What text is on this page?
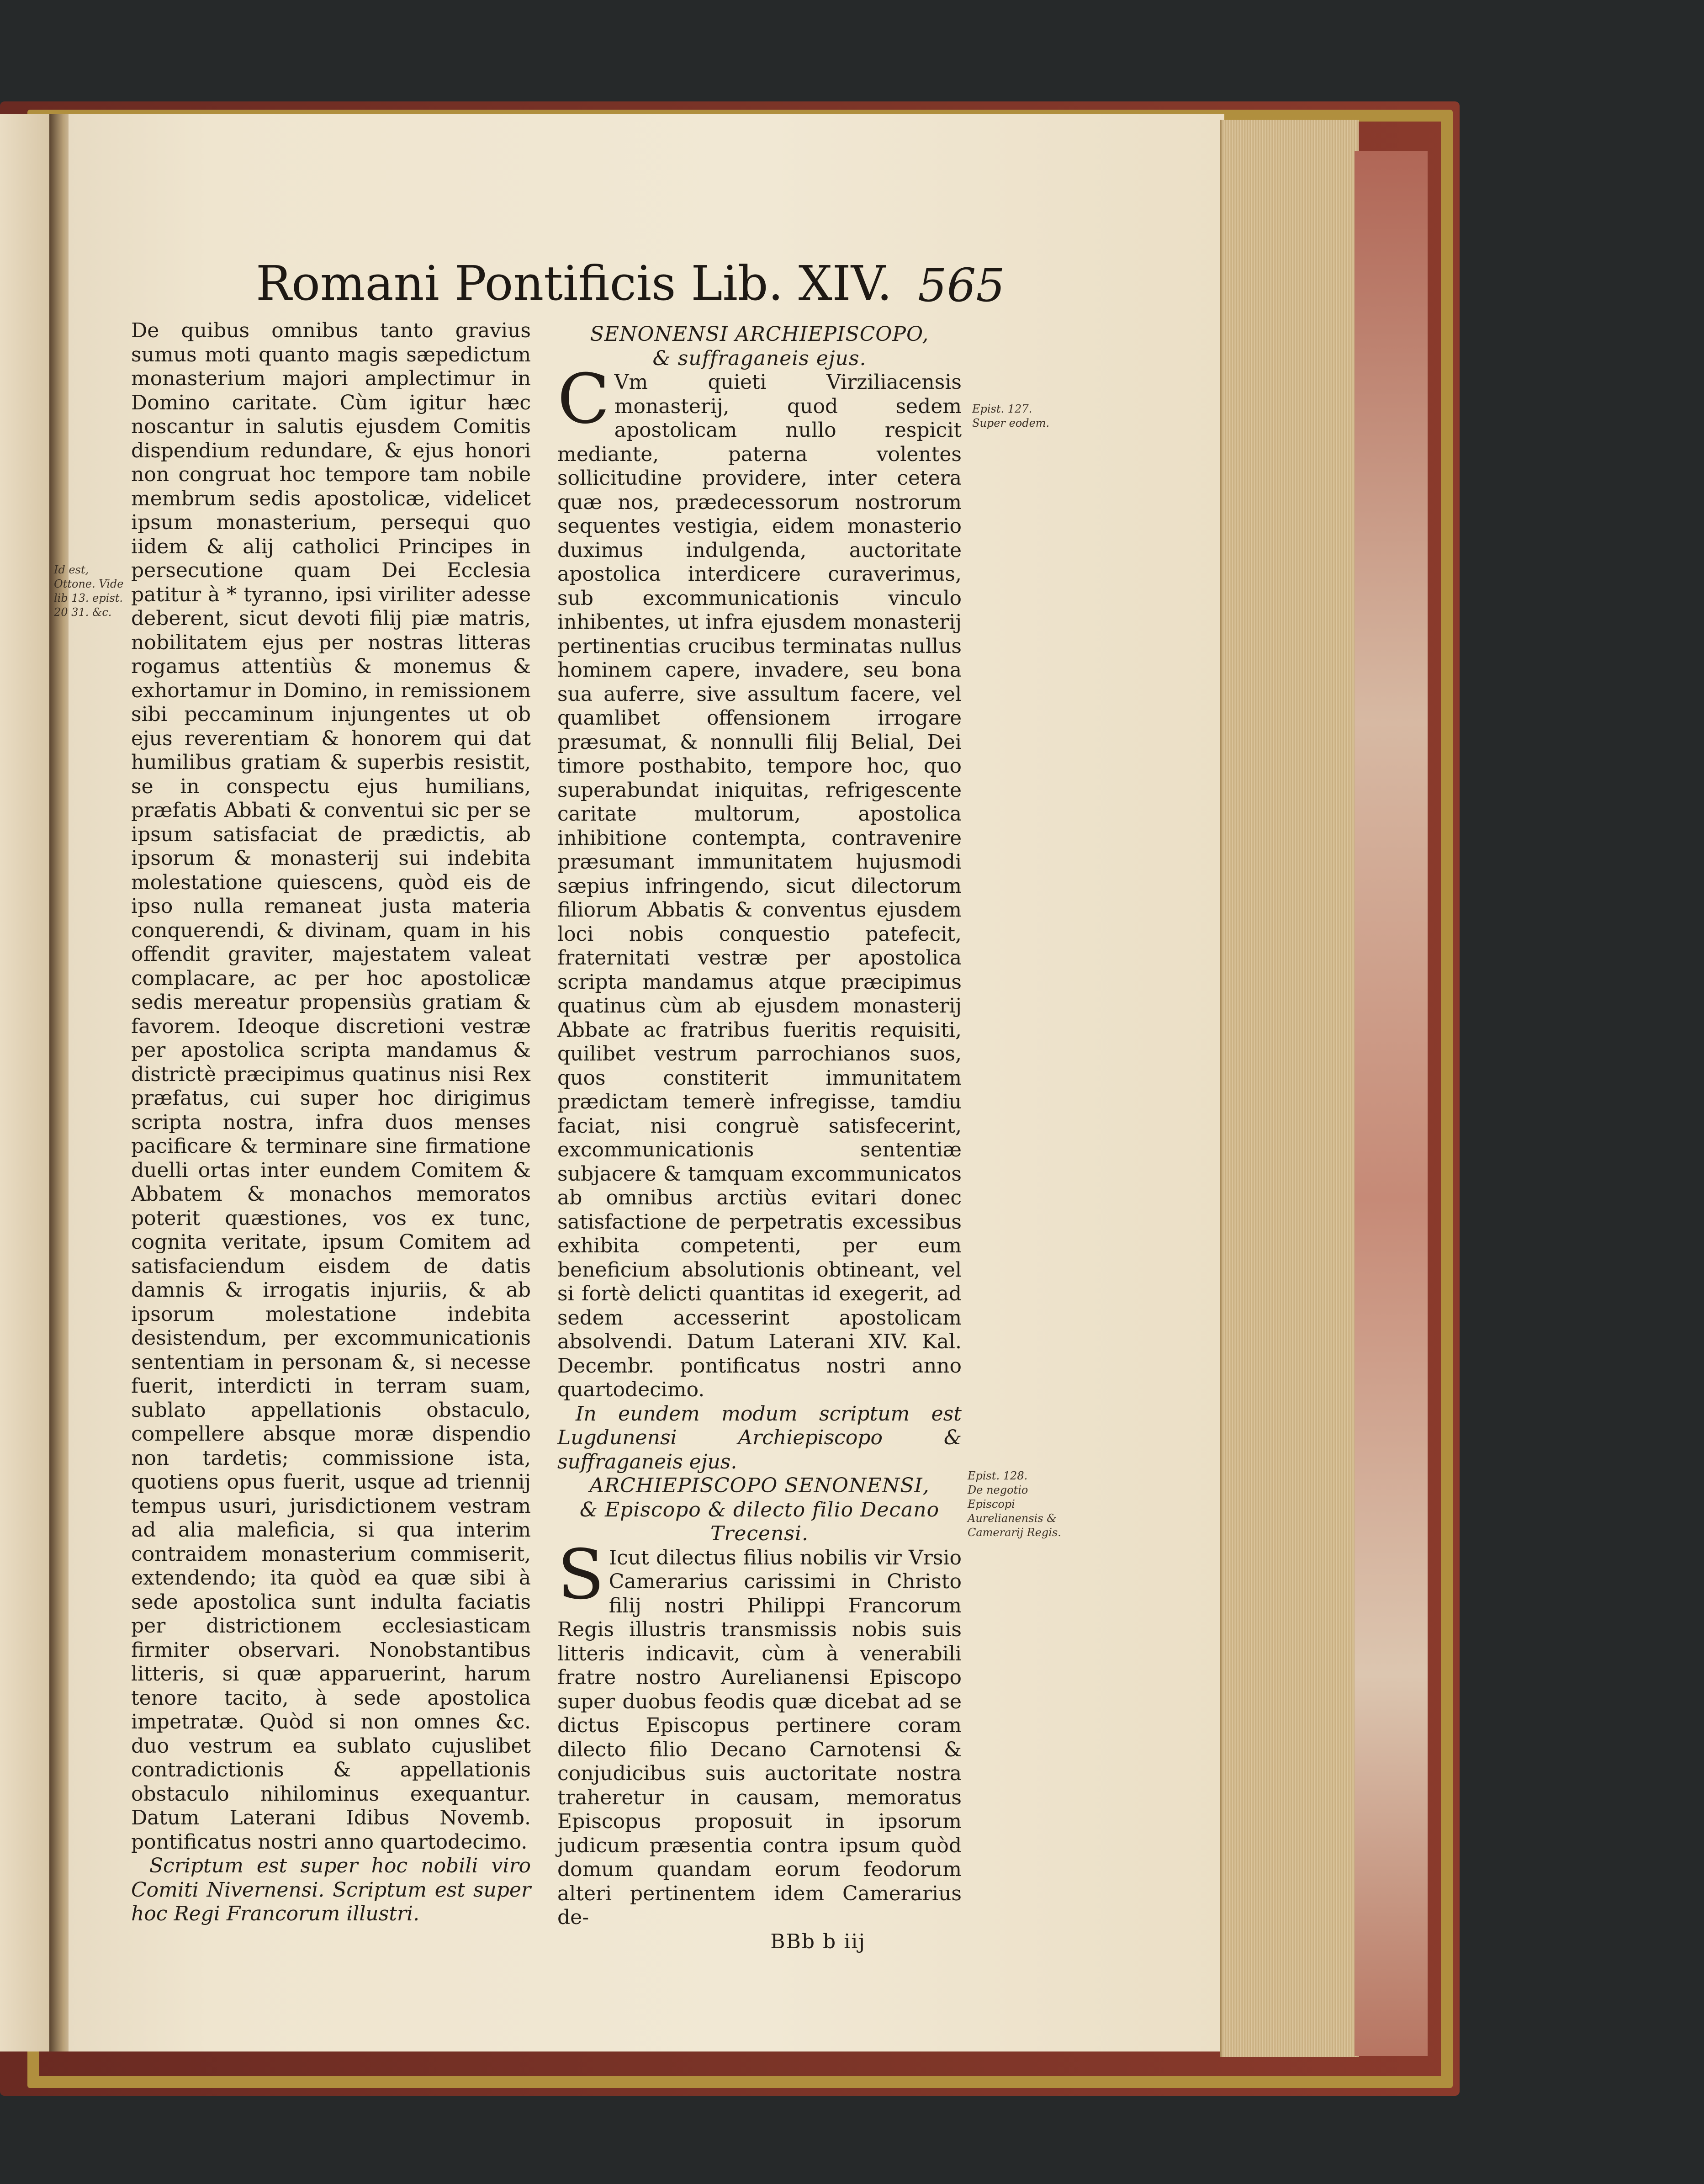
Romani Pontificis Lib. XIV. 565
Id est, Ottone. Vide lib 13. epist. 20 31. &c.

De quibus omnibus tanto gravius sumus moti quanto magis sæpedictum monasterium majori amplectimur in Domino caritate. Cùm igitur hæc noscantur in salutis ejusdem Comitis dispendium redundare, & ejus honori non congruat hoc tempore tam nobile membrum sedis apostolicæ, videlicet ipsum monasterium, persequi quo iidem & alij catholici Principes in persecutione quam Dei Ecclesia patitur à * tyranno, ipsi viriliter adesse deberent, sicut devoti filij piæ matris, nobilitatem ejus per nostras litteras rogamus attentiùs & monemus & exhortamur in Domino, in remissionem sibi peccaminum injungentes ut ob ejus reverentiam & honorem qui dat humilibus gratiam & superbis resistit, se in conspectu ejus humilians, præfatis Abbati & conventui sic per se ipsum satisfaciat de prædictis, ab ipsorum & monasterij sui indebita molestatione quiescens, quòd eis de ipso nulla remaneat justa materia conquerendi, & divinam, quam in his offendit graviter, majestatem valeat complacare, ac per hoc apostolicæ sedis mereatur propensiùs gratiam & favorem. Ideoque discretioni vestræ per apostolica scripta mandamus & districtè præcipimus quatinus nisi Rex præfatus, cui super hoc dirigimus scripta nostra, infra duos menses pacificare & terminare sine firmatione duelli ortas inter eundem Comitem & Abbatem & monachos memoratos poterit quæstiones, vos ex tunc, cognita veritate, ipsum Comitem ad satisfaciendum eisdem de datis damnis & irrogatis injuriis, & ab ipsorum molestatione indebita desistendum, per excommunicationis sententiam in personam &, si necesse fuerit, interdicti in terram suam, sublato appellationis obstaculo, compellere absque moræ dispendio non tardetis; commissione ista, quotiens opus fuerit, usque ad triennij tempus usuri, jurisdictionem vestram ad alia maleficia, si qua interim contraidem monasterium commiserit, extendendo; ita quòd ea quæ sibi à sede apostolica sunt indulta faciatis per districtionem ecclesiasticam firmiter observari. Nonobstantibus litteris, si quæ apparuerint, harum tenore tacito, à sede apostolica impetratæ. Quòd si non omnes &c. duo vestrum ea sublato cujuslibet contradictionis & appellationis obstaculo nihilominus exequantur. Datum Laterani Idibus Novemb. pontificatus nostri anno quartodecimo.

Scriptum est super hoc nobili viro Comiti Nivernensi. Scriptum est super hoc Regi Francorum illustri.

SENONENSI ARCHIEPISCOPO,

& suffraganeis ejus.

CVm quieti Virziliacensis monasterij, quod sedem apostolicam nullo respicit mediante, paterna volentes sollicitudine providere, inter cetera quæ nos, prædecessorum nostrorum sequentes vestigia, eidem monasterio duximus indulgenda, auctoritate apostolica interdicere curaverimus, sub excommunicationis vinculo inhibentes, ut infra ejusdem monasterij pertinentias crucibus terminatas nullus hominem capere, invadere, seu bona sua auferre, sive assultum facere, vel quamlibet offensionem irrogare præsumat, & nonnulli filij Belial, Dei timore posthabito, tempore hoc, quo superabundat iniquitas, refrigescente caritate multorum, apostolica inhibitione contempta, contravenire præsumant immunitatem hujusmodi sæpius infringendo, sicut dilectorum filiorum Abbatis & conventus ejusdem loci nobis conquestio patefecit, fraternitati vestræ per apostolica scripta mandamus atque præcipimus quatinus cùm ab ejusdem monasterij Abbate ac fratribus fueritis requisiti, quilibet vestrum parrochianos suos, quos constiterit immunitatem prædictam temerè infregisse, tamdiu faciat, nisi congruè satisfecerint, excommunicationis sententiæ subjacere & tamquam excommunicatos ab omnibus arctiùs evitari donec satisfactione de perpetratis excessibus exhibita competenti, per eum beneficium absolutionis obtineant, vel si fortè delicti quantitas id exegerit, ad sedem accesserint apostolicam absolvendi. Datum Laterani XIV. Kal. Decembr. pontificatus nostri anno quartodecimo.

In eundem modum scriptum est Lugdunensi Archiepiscopo & suffraganeis ejus.

ARCHIEPISCOPO SENONENSI,

& Episcopo & dilecto filio Decano Trecensi.

SIcut dilectus filius nobilis vir Vrsio Camerarius carissimi in Christo filij nostri Philippi Francorum Regis illustris transmissis nobis suis litteris indicavit, cùm à venerabili fratre nostro Aurelianensi Episcopo super duobus feodis quæ dicebat ad se dictus Episcopus pertinere coram dilecto filio Decano Carnotensi & conjudicibus suis auctoritate nostra traheretur in causam, memoratus Episcopus proposuit in ipsorum judicum præsentia contra ipsum quòd domum quandam eorum feodorum alteri pertinentem idem Camerarius de-

BBb b iij

Epist. 127.
Super eodem.
Epist. 128.
De negotio Episcopi Aurelianensis & Camerarij Regis.
